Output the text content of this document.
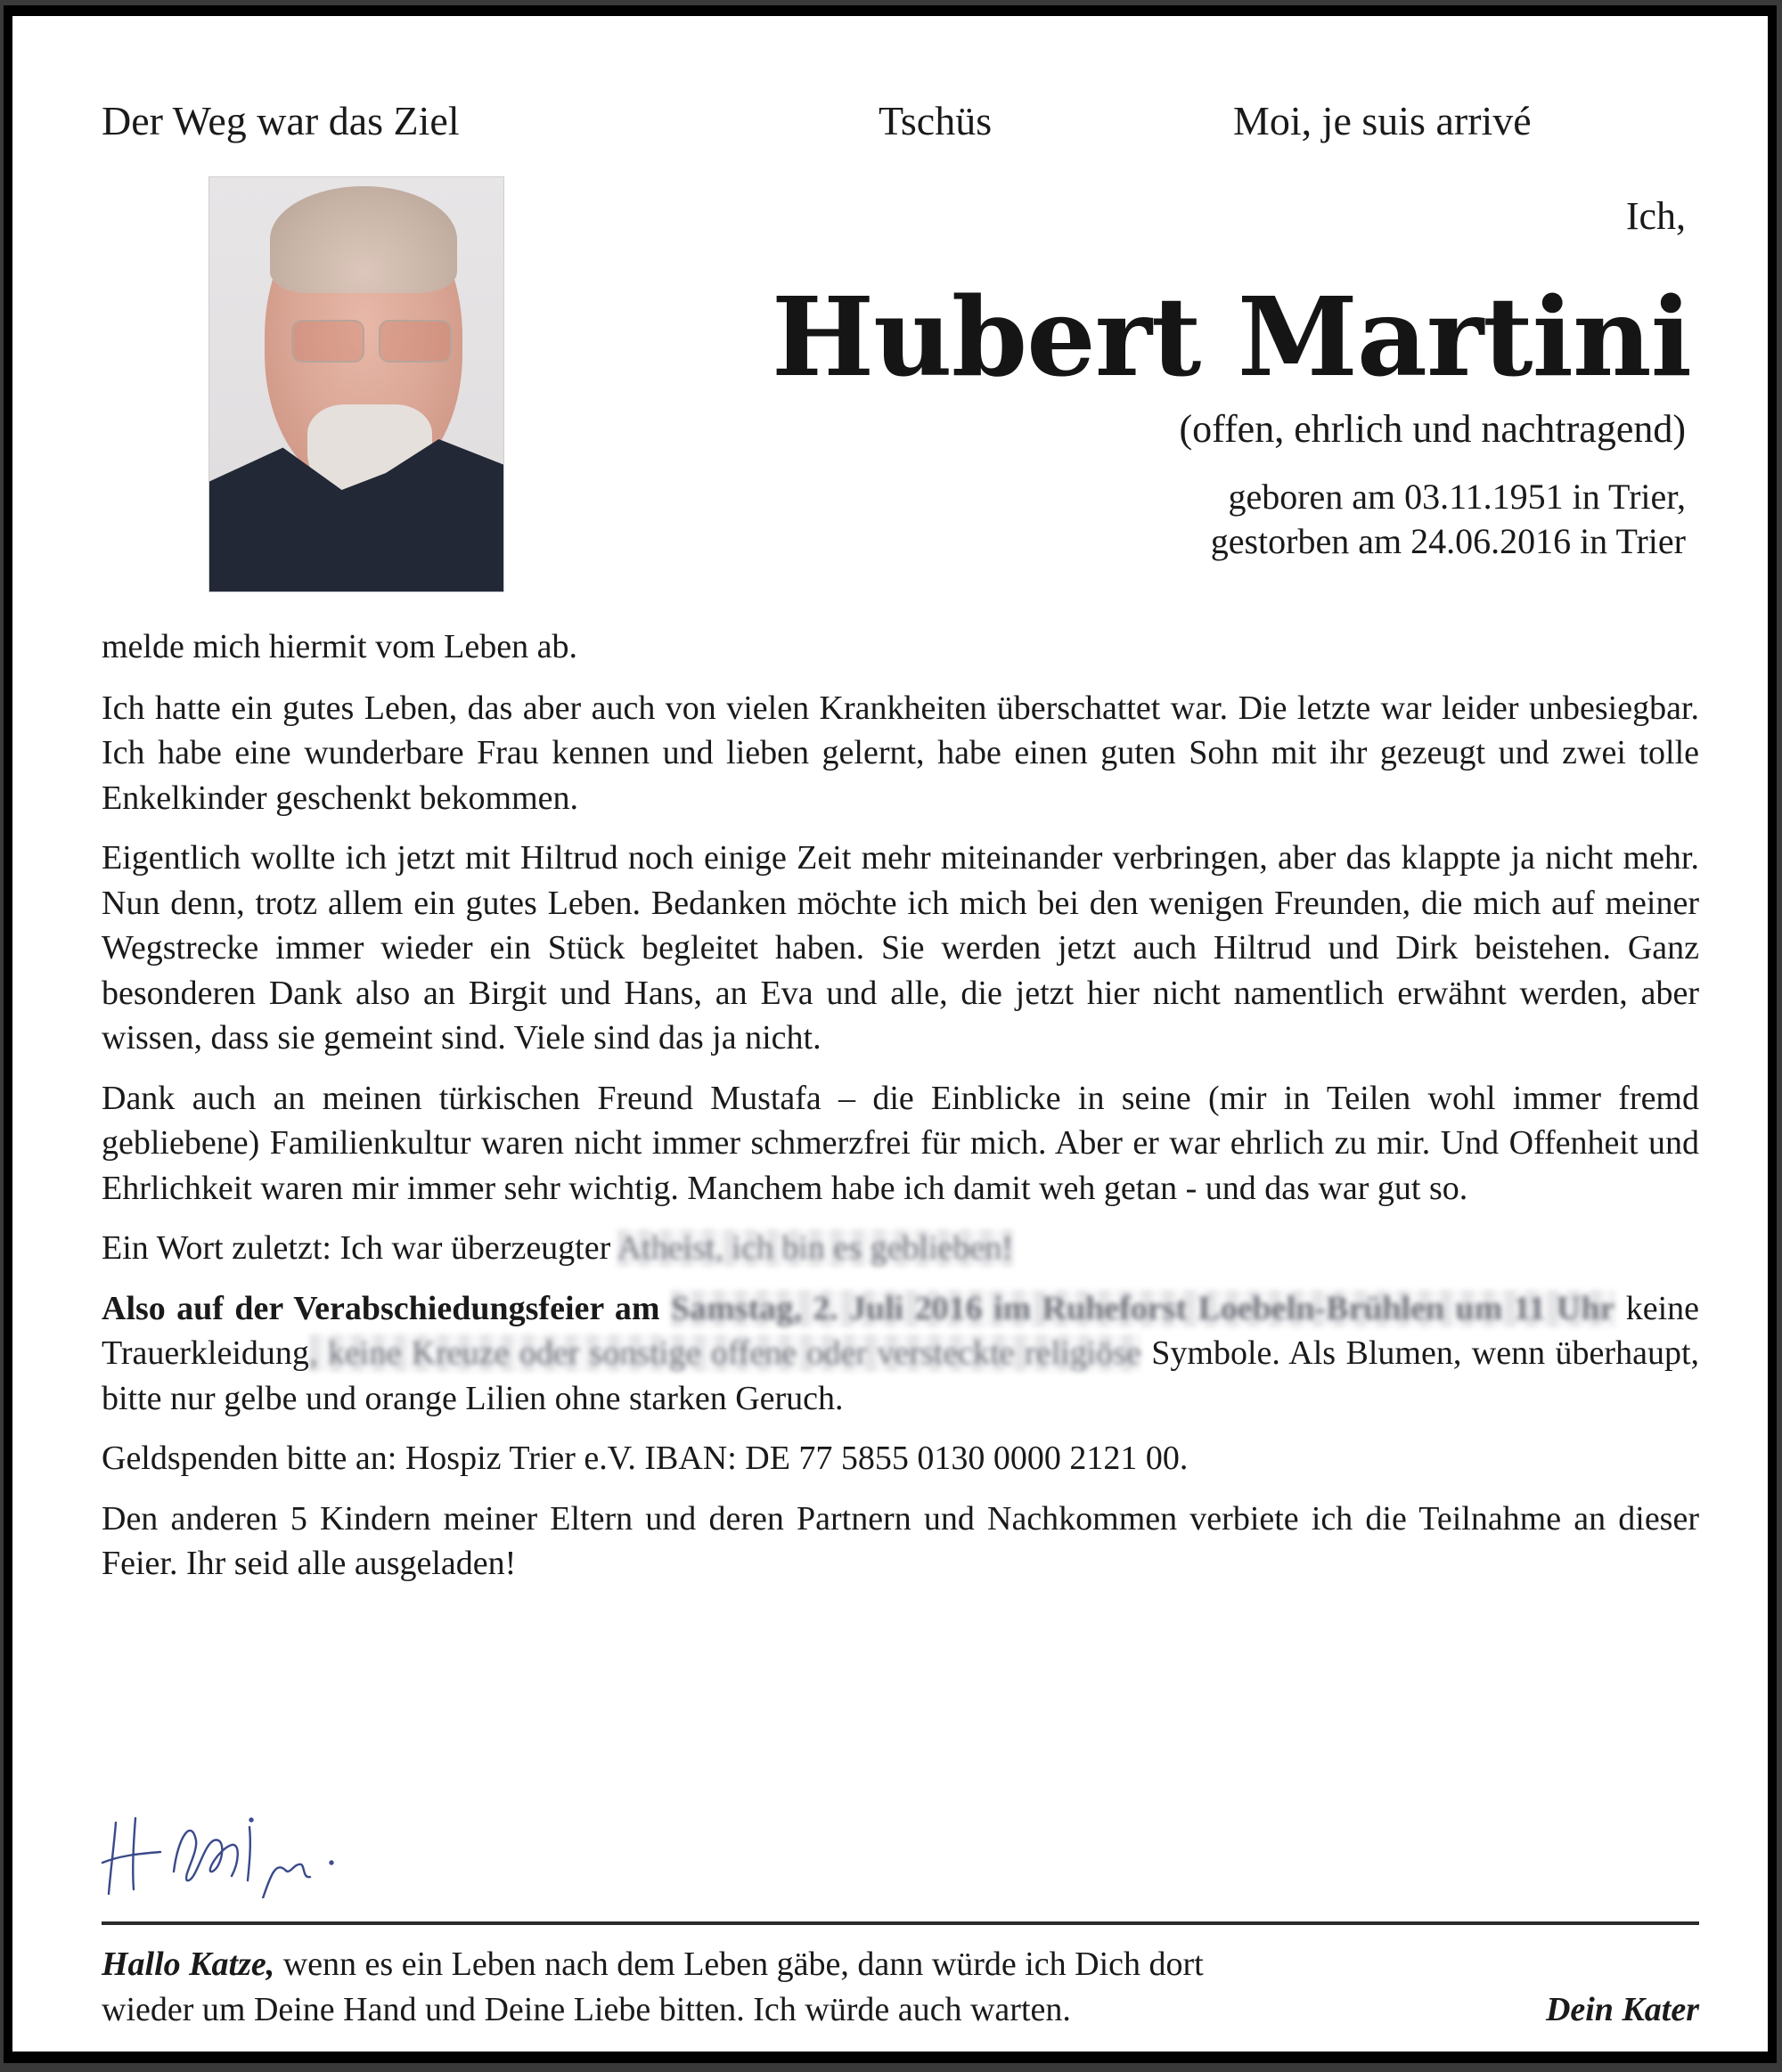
Der Weg war das Ziel	Tschüs	Moi, je suis arrivé
Ich,
Hubert Martini
(offen, ehrlich und nachtragend)
geboren am 03.11.1951 in Trier,
gestorben am 24.06.2016 in Trier

melde mich hiermit vom Leben ab.

Ich hatte ein gutes Leben, das aber auch von vielen Krankheiten überschattet war. Die letzte war leider unbesiegbar. Ich habe eine wunderbare Frau kennen und lieben gelernt, habe einen guten Sohn mit ihr gezeugt und zwei tolle Enkelkinder geschenkt bekommen.

Eigentlich wollte ich jetzt mit Hiltrud noch einige Zeit mehr miteinander verbringen, aber das klappte ja nicht mehr. Nun denn, trotz allem ein gutes Leben. Bedanken möchte ich mich bei den wenigen Freunden, die mich auf meiner Wegstrecke immer wieder ein Stück begleitet haben. Sie werden jetzt auch Hiltrud und Dirk beistehen. Ganz besonderen Dank also an Birgit und Hans, an Eva und alle, die jetzt hier nicht namentlich erwähnt werden, aber wissen, dass sie gemeint sind. Viele sind das ja nicht.

Dank auch an meinen türkischen Freund Mustafa – die Einblicke in seine (mir in Teilen wohl immer fremd gebliebene) Familienkultur waren nicht immer schmerzfrei für mich. Aber er war ehrlich zu mir. Und Offenheit und Ehrlichkeit waren mir immer sehr wichtig. Manchem habe ich damit weh getan - und das war gut so.

Ein Wort zuletzt: Ich war überzeugter Atheist, ich bin es geblieben!

Also auf der Verabschiedungsfeier am Samstag, 2. Juli 2016 im Ruheforst Loebeln-Brühlen um 11 Uhr keine Trauerkleidung, keine Kreuze oder sonstige offene oder versteckte religiöse Symbole. Als Blumen, wenn überhaupt, bitte nur gelbe und orange Lilien ohne starken Geruch.

Geldspenden bitte an: Hospiz Trier e.V. IBAN: DE 77 5855 0130 0000 2121 00.

Den anderen 5 Kindern meiner Eltern und deren Partnern und Nachkommen verbiete ich die Teilnahme an dieser Feier. Ihr seid alle ausgeladen!

Hallo Katze, wenn es ein Leben nach dem Leben gäbe, dann würde ich Dich dort
wieder um Deine Hand und Deine Liebe bitten. Ich würde auch warten.	Dein Kater
